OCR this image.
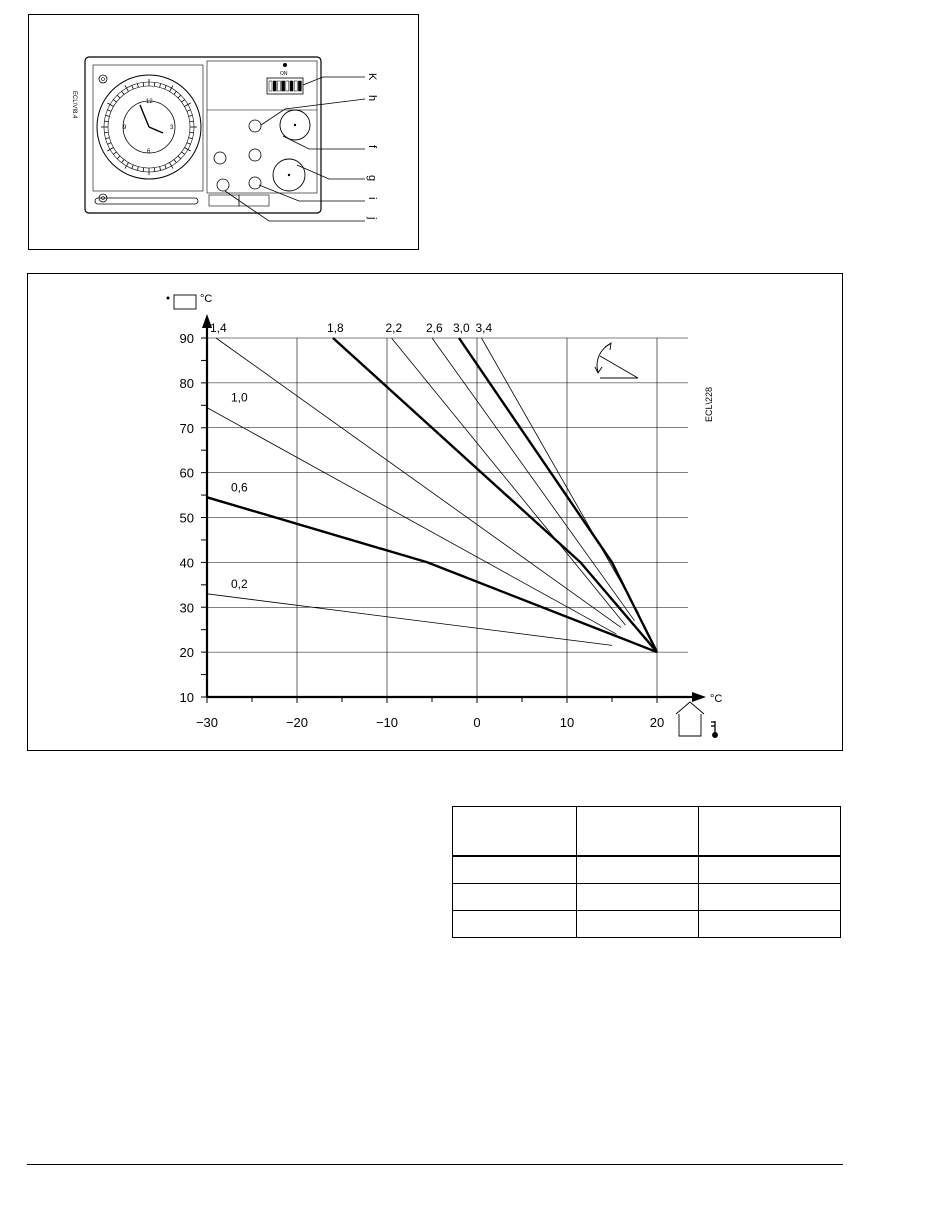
ECL\VI8.4	12
3
6
9
ON	K
h
f
g
i
j
−30	−20	−10	0	10	20
10
20
30
40
50
60
70
80
90
0,2
0,6
1,0
1,4	1,8	2,2 2,6 3,0 3,4
°C
°C
ECL\228
